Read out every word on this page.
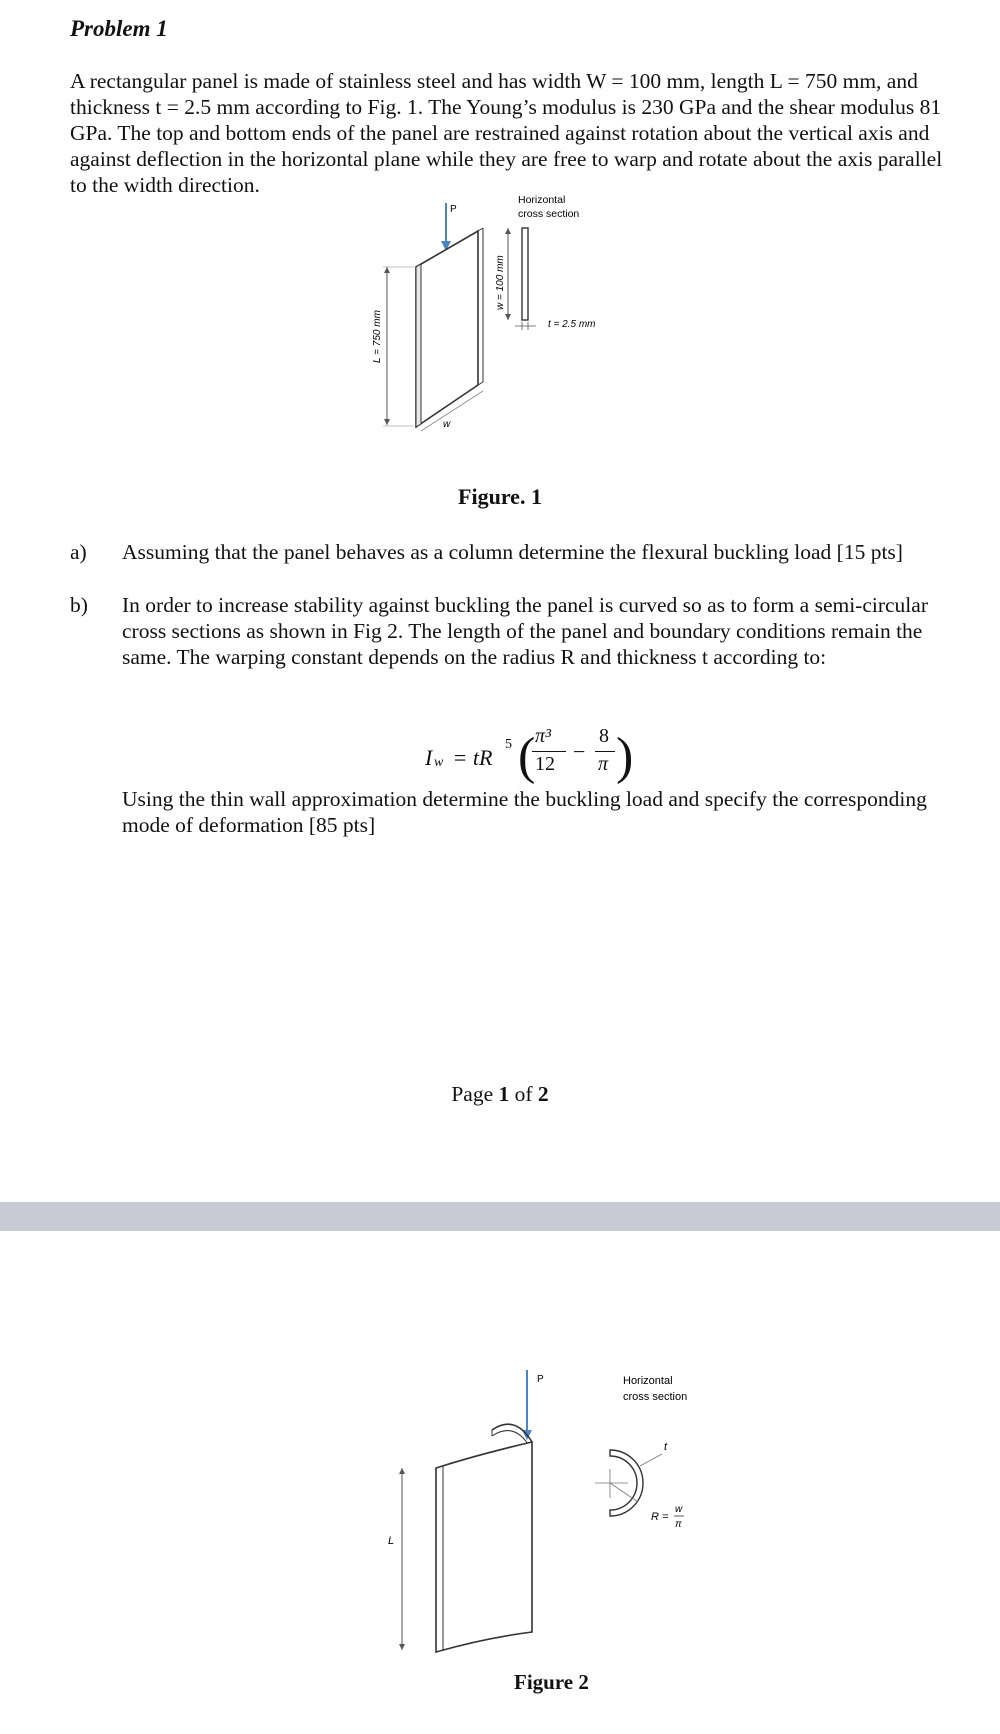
Problem 1
A rectangular panel is made of stainless steel and has width W = 100 mm, length L = 750 mm, and thickness t = 2.5 mm according to Fig. 1. The Young’s modulus is 230 GPa and the shear modulus 81 GPa. The top and bottom ends of the panel are restrained against rotation about the vertical axis and against deflection in the horizontal plane while they are free to warp and rotate about the axis parallel to the width direction.
P
L = 750 mm
w
Horizontal
cross section
w = 100 mm
t = 2.5 mm
Figure. 1
a) Assuming that the panel behaves as a column determine the flexural buckling load [15 pts]
b) In order to increase stability against buckling the panel is curved so as to form a semi-circular cross sections as shown in Fig 2. The length of the panel and boundary conditions remain the same. The warping constant depends on the radius R and thickness t according to:
I w = tR
5 ( π³
12 −
8
π )
Using the thin wall approximation determine the buckling load and specify the corresponding mode of deformation [85 pts]
Page 1 of 2
P
L
Horizontal
cross section
t
R =
w
π
Figure 2
